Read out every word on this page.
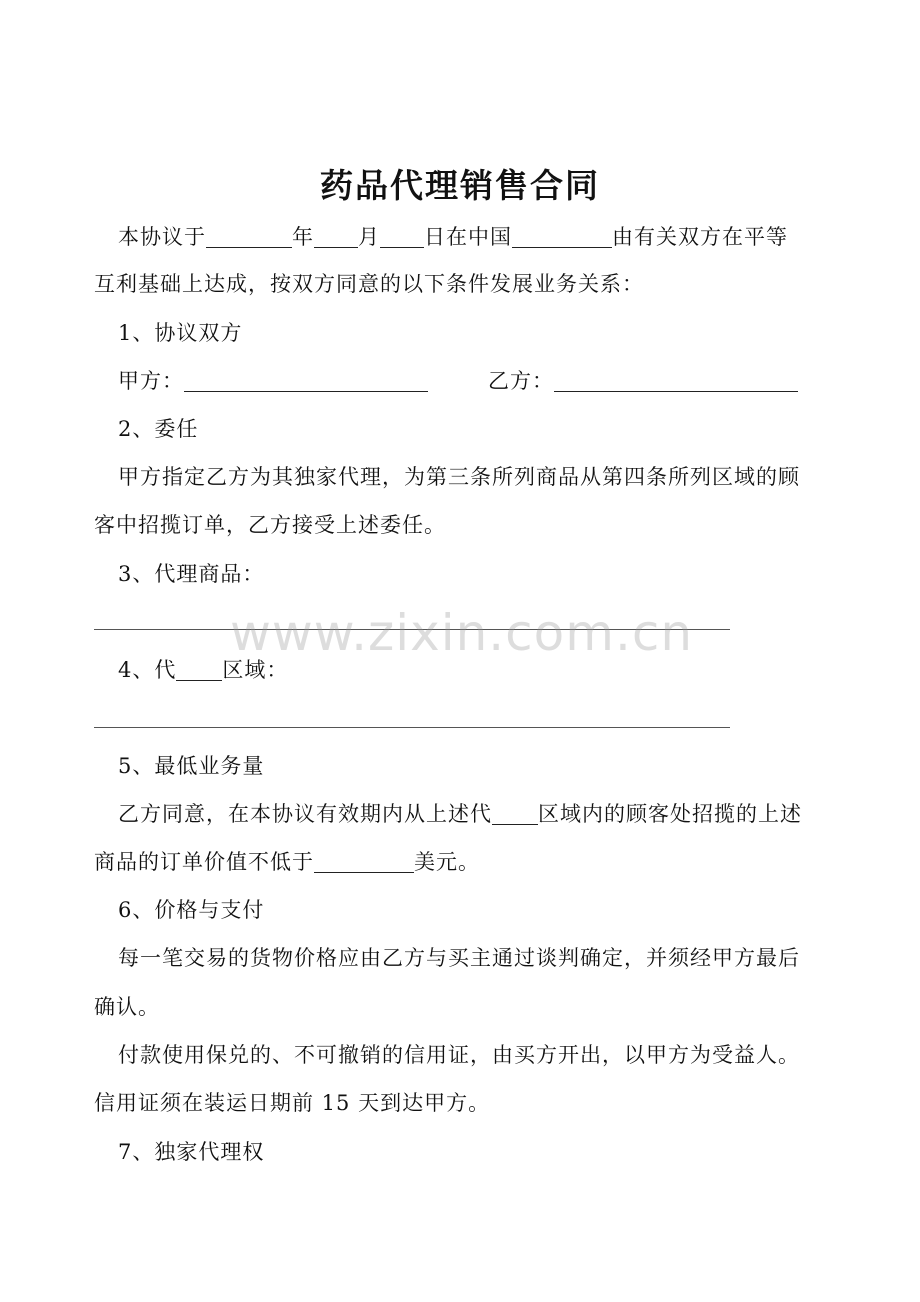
药品代理销售合同
本协议于	年 月 日在中国	由有关双方在平等
互利基础上达成，按双方同意的以下条件发展业务关系：
1、协议双方
甲方：	乙方：
2、委任
甲方指定乙方为其独家代理，为第三条所列商品从第四条所列区域的顾
客中招揽订单，乙方接受上述委任。
3、代理商品：
www.zixin.com.cn
4、代 区域：
5、最低业务量
乙方同意，在本协议有效期内从上述代 区域内的顾客处招揽的上述
商品的订单价值不低于	美元。
6、价格与支付
每一笔交易的货物价格应由乙方与买主通过谈判确定，并须经甲方最后
确认。
付款使用保兑的、不可撤销的信用证，由买方开出，以甲方为受益人。
信用证须在装运日期前 15 天到达甲方。
7、独家代理权
